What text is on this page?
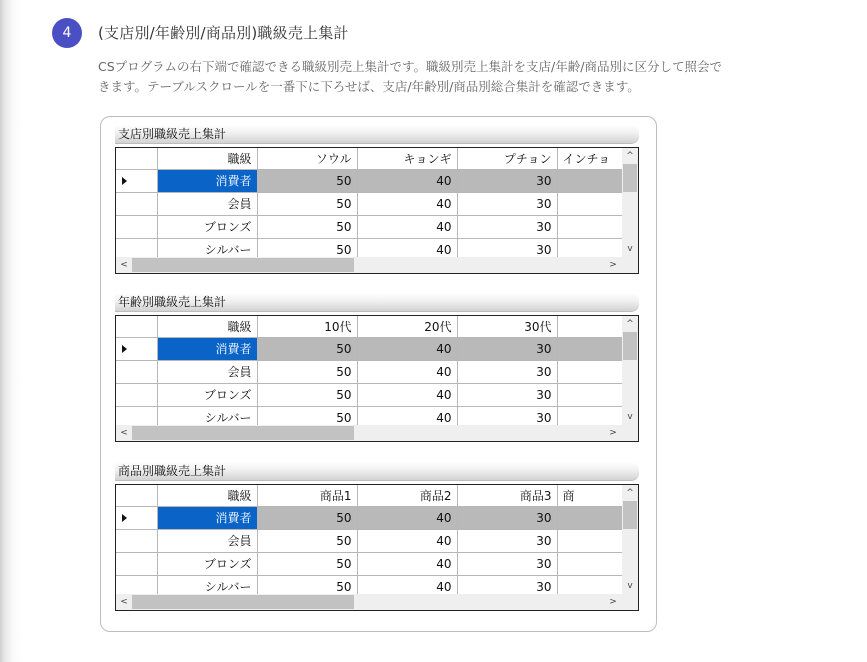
4	(支店別/年齢別/商品別)職級売上集計
CSプログラムの右下端で確認できる職級別売上集計です。職級別売上集計を支店/年齢/商品別に区分して照会で
きます。テーブルスクロールを一番下に下ろせば、支店/年齢別/商品別総合集計を確認できます。
支店別職級売上集計
	職級	ソウル	キョンギ	プチョン	インチョ

	消費者	50	40	30	
	会員	50	40	30	
	ブロンズ	50	40	30	
	シルバー	50	40	30	
^
v
<	>
年齢別職級売上集計
	職級	10代	20代	30代	

	消費者	50	40	30	
	会員	50	40	30	
	ブロンズ	50	40	30	
	シルバー	50	40	30	
^
v
<	>
商品別職級売上集計
	職級	商品1	商品2	商品3	商

	消費者	50	40	30	
	会員	50	40	30	
	ブロンズ	50	40	30	
	シルバー	50	40	30	
^
v
<	>
